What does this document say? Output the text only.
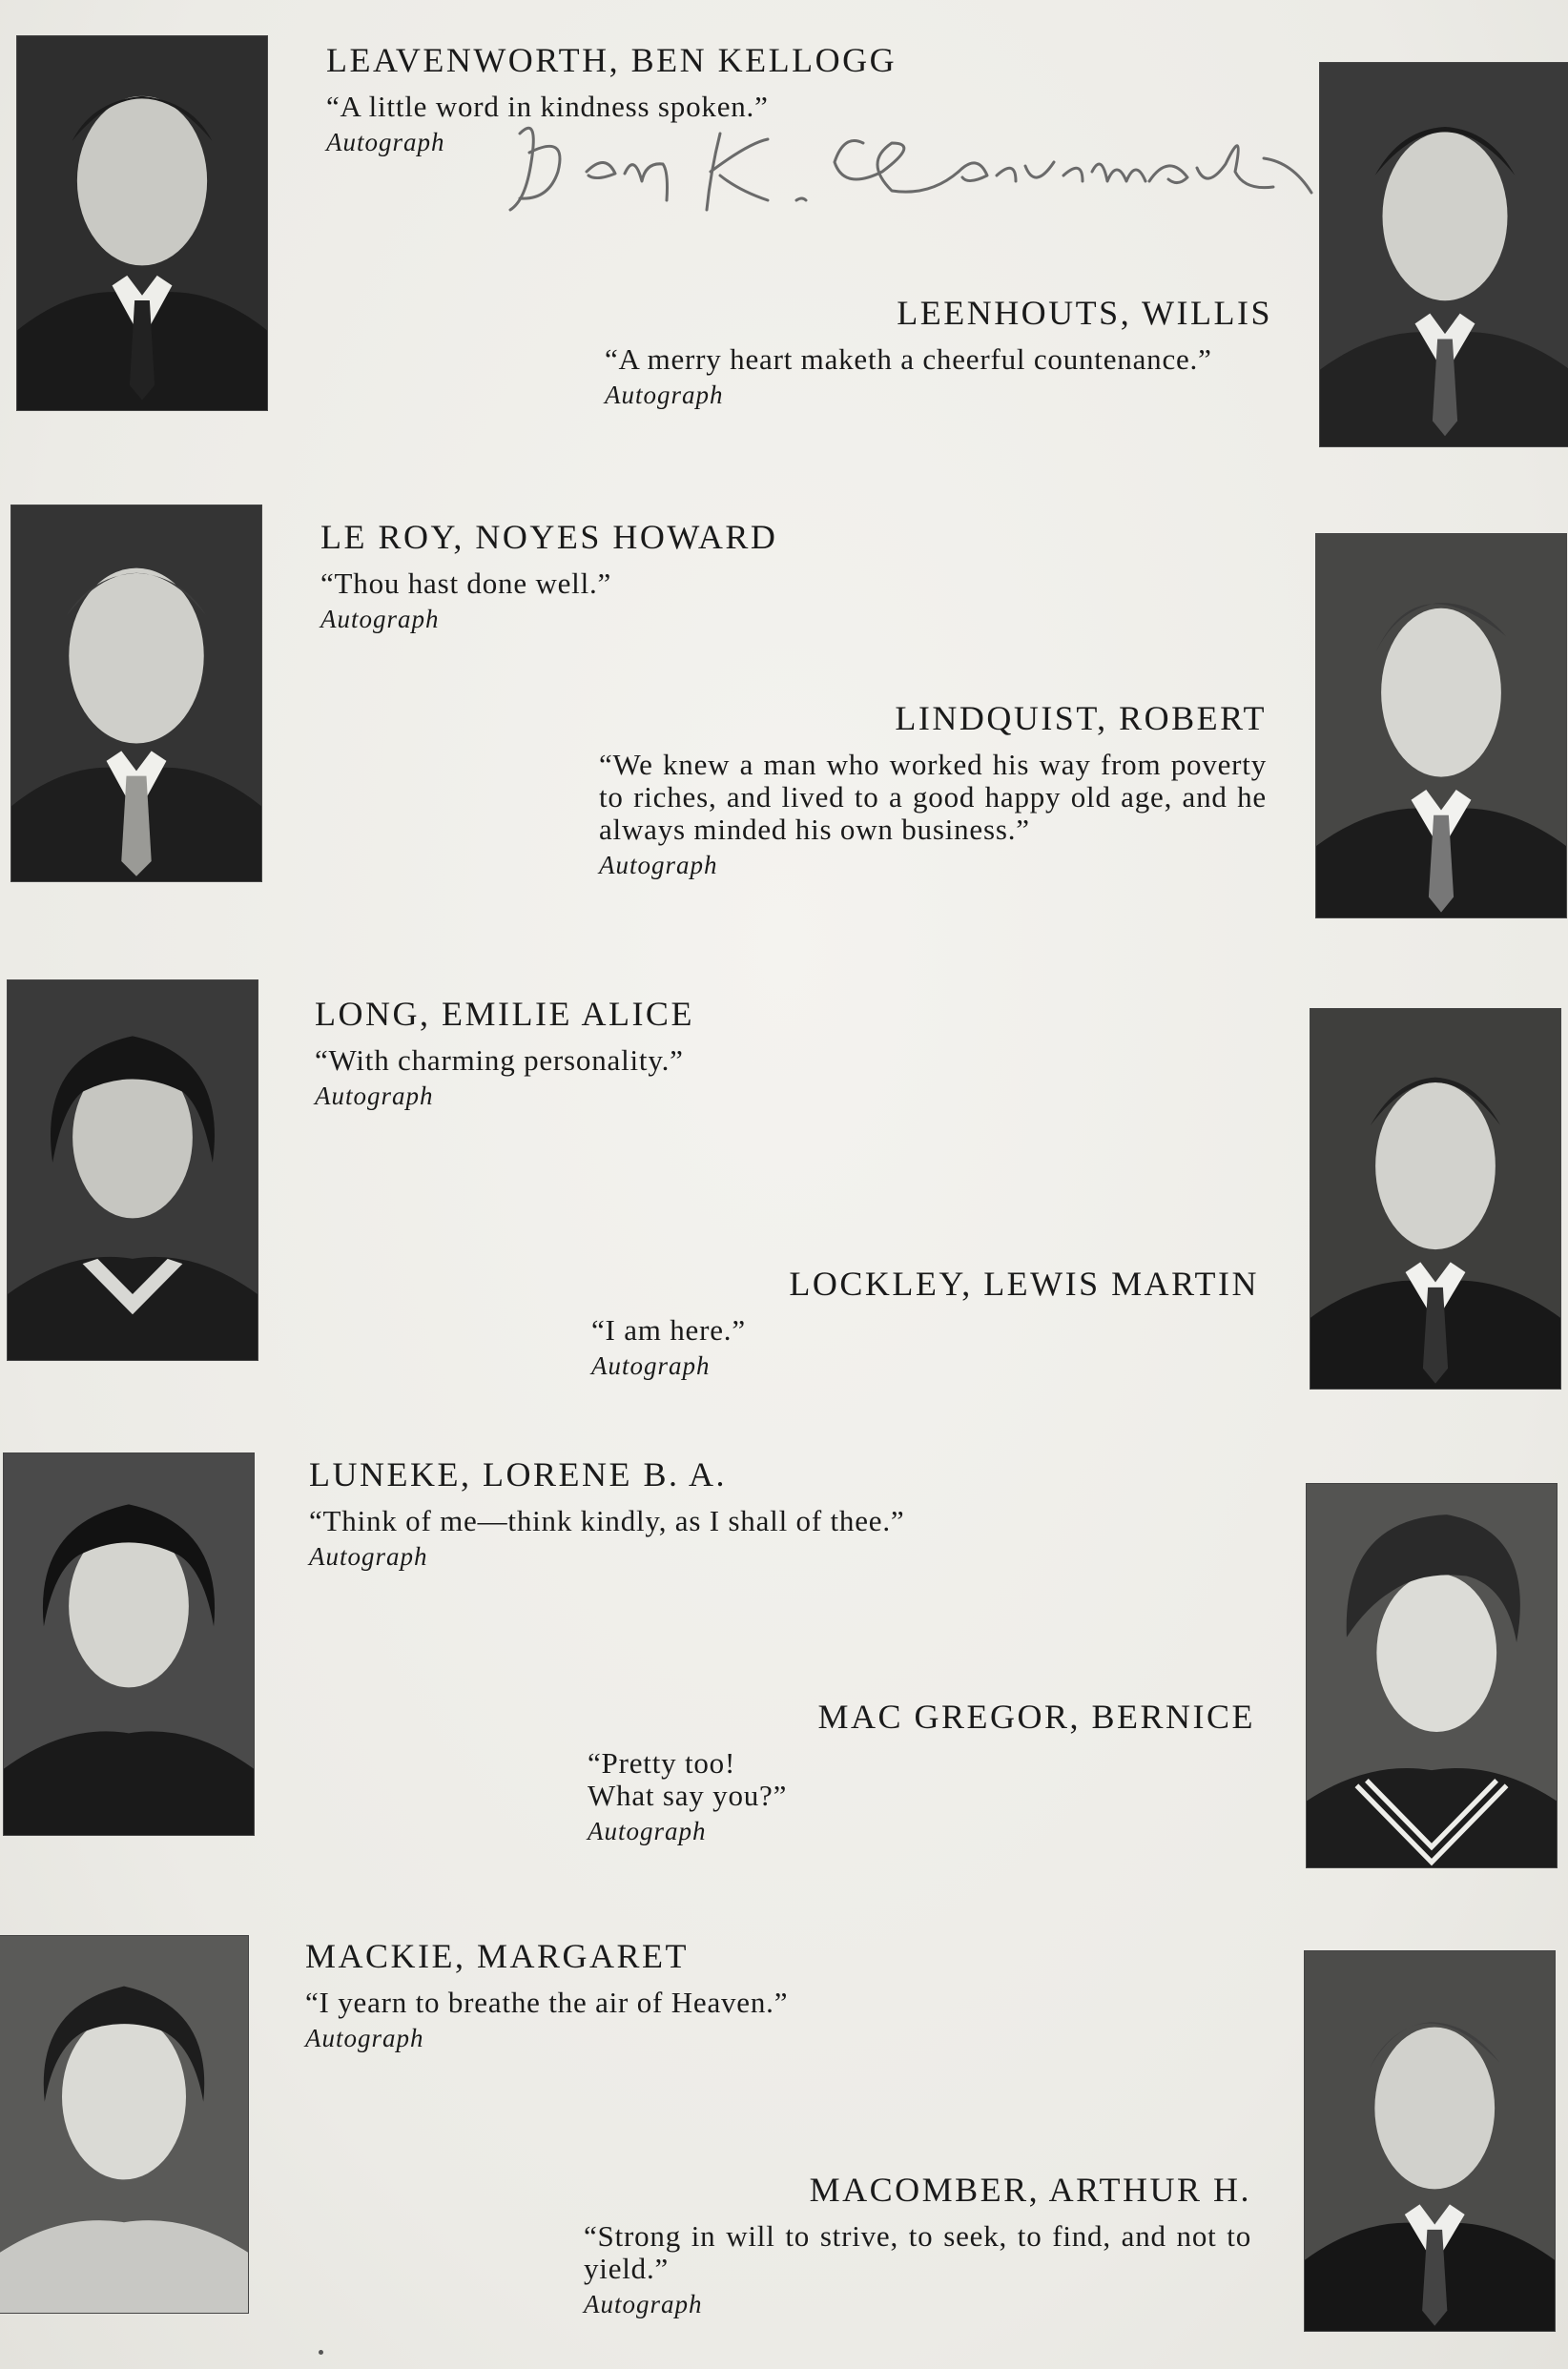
LEAVENWORTH, BEN KELLOGG

“A little word in kindness spoken.”

Autograph
LEENHOUTS, WILLIS

“A merry heart maketh a cheerful countenance.”

Autograph
LE ROY, NOYES HOWARD

“Thou hast done well.”

Autograph
LINDQUIST, ROBERT

“We knew a man who worked his way from poverty to riches, and lived to a good happy old age, and he always minded his own business.”

Autograph
LONG, EMILIE ALICE

“With charming personality.”

Autograph
LOCKLEY, LEWIS MARTIN

“I am here.”

Autograph
LUNEKE, LORENE B. A.

“Think of me—think kindly, as I shall of thee.”

Autograph
MAC GREGOR, BERNICE

“Pretty too!

What say you?”

Autograph
MACKIE, MARGARET

“I yearn to breathe the air of Heaven.”

Autograph
MACOMBER, ARTHUR H.

“Strong in will to strive, to seek, to find, and not to yield.”

Autograph
